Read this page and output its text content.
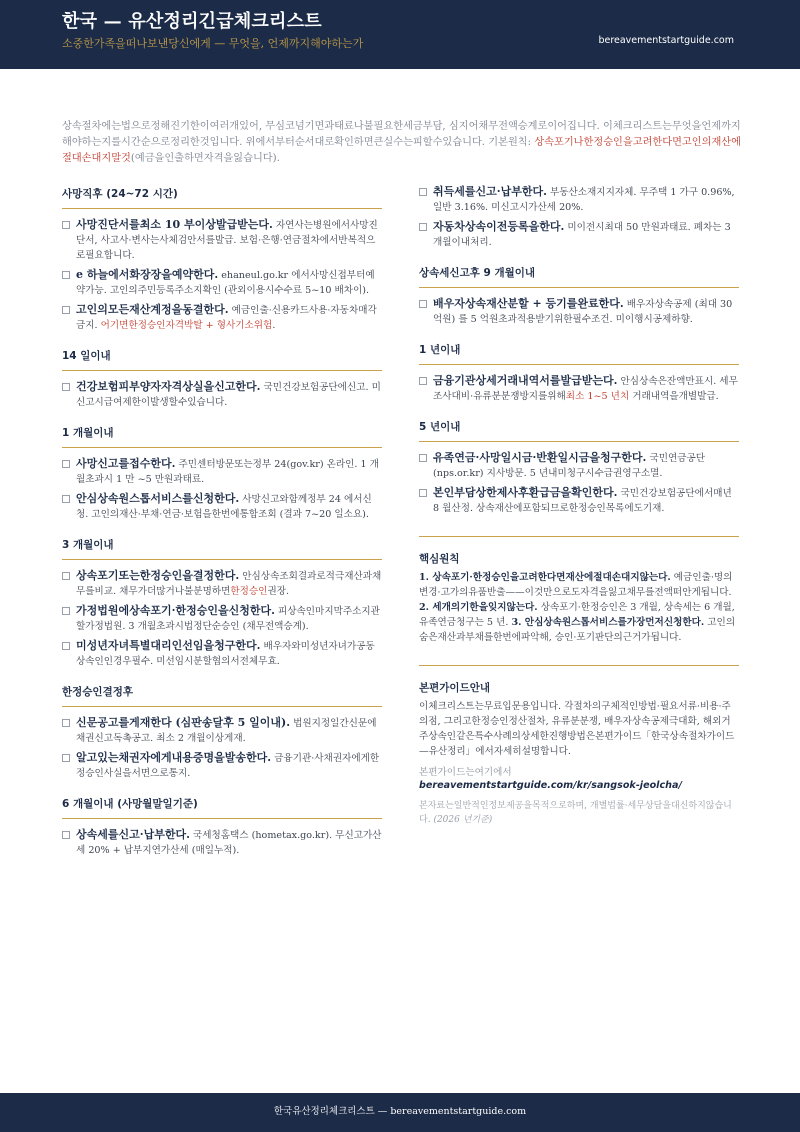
한국 — 유산정리긴급체크리스트
소중한가족을떠나보낸당신에게 — 무엇을, 언제까지해야하는가	bereavementstartguide.com
상속절차에는법으로정해진기한이여러개있어, 무심코넘기면과태료나불필요한세금부담, 심지어채무전액승계로이어집니다. 이체크리스트는무엇을언제까지해야하는지를시간순으로정리한것입니다. 위에서부터순서대로확인하면큰실수는피할수있습니다. 기본원칙: 상속포기나한정승인을고려한다면고인의재산에절대손대지말것(예금을인출하면자격을잃습니다).
사망직후 (24~72 시간)
사망진단서를최소 10 부이상발급받는다. 자연사는병원에서사망진단서, 사고사·변사는사체검안서를발급. 보험·은행·연금절차에서반복적으로필요합니다.
e 하늘에서화장장을예약한다. ehaneul.go.kr 에서사망신접부터예약가능. 고인의주민등록주소지확인 (관외이용시수수료 5~10 배차이).
고인의모든재산계정을동결한다. 예금인출·신용카드사용·자동차매각금지. 어기면한정승인자격박탈 + 형사기소위험.
14 일이내
건강보험피부양자자격상실을신고한다. 국민건강보험공단에신고. 미신고시급여제한이발생할수있습니다.
1 개월이내
사망신고를접수한다. 주민센터방문또는정부 24(gov.kr) 온라인. 1 개월초과시 1 만 ~5 만원과태료.
안심상속원스톱서비스를신청한다. 사망신고와함께정부 24 에서신청. 고인의재산·부채·연금·보험을한번에통합조회 (결과 7~20 일소요).
3 개월이내
상속포기또는한정승인을결정한다. 안심상속조회결과로적극재산과채무를비교. 채무가더많거나불분명하면한정승인권장.
가정법원에상속포기·한정승인을신청한다. 피상속인마지막주소지관할가정법원. 3 개월초과시법정단순승인 (채무전액승계).
미성년자녀특별대리인선임을청구한다. 배우자와미성년자녀가공동상속인인경우필수. 미선임시분할협의서전체무효.
한정승인결정후
신문공고를게재한다 (심판송달후 5 일이내). 법원지정일간신문에채권신고독촉공고. 최소 2 개월이상게재.
알고있는채권자에게내용증명을발송한다. 금융기관·사채권자에게한정승인사실을서면으로통지.
6 개월이내 (사망월말일기준)
상속세를신고·납부한다. 국세청홈택스 (hometax.go.kr). 무신고가산세 20% + 납부지연가산세 (매일누적).
취득세를신고·납부한다. 부동산소재지지자체. 무주택 1 가구 0.96%, 일반 3.16%. 미신고시가산세 20%.
자동차상속이전등록을한다. 미이전시최대 50 만원과태료. 폐차는 3 개월이내처리.
상속세신고후 9 개월이내
배우자상속재산분할 + 등기를완료한다. 배우자상속공제 (최대 30 억원) 를 5 억원초과적용받기위한필수조건. 미이행시공제하향.
1 년이내
금융기관상세거래내역서를발급받는다. 안심상속은잔액만표시. 세무조사대비·유류분분쟁방지를위해최소 1~5 년치 거래내역을개별발급.
5 년이내
유족연금·사망일시금·반환일시금을청구한다. 국민연금공단 (nps.or.kr) 지사방문. 5 년내미청구시수급권영구소멸.
본인부담상한제사후환급금을확인한다. 국민건강보험공단에서매년 8 월산정. 상속재산에포함되므로한정승인목록에도기재.
핵심원칙
1. 상속포기·한정승인을고려한다면재산에절대손대지않는다. 예금인출·명의변경·고가의유품반출——이것만으로도자격을잃고채무를전액떠안게됩니다. 2. 세개의기한을잊지않는다. 상속포기·한정승인은 3 개월, 상속세는 6 개월, 유족연금청구는 5 년. 3. 안심상속원스톱서비스를가장먼저신청한다. 고인의숨은재산과부채를한번에파악해, 승인·포기판단의근거가됩니다.
본편가이드안내
이체크리스트는무료입문용입니다. 각절차의구체적인방법·필요서류·비용·주의점, 그리고한정승인정산절차, 유류분분쟁, 배우자상속공제극대화, 해외거주상속인같은특수사례의상세한진행방법은본편가이드「한국상속절차가이드—유산정리」에서자세히설명합니다.
본편가이드는여기에서
bereavementstartguide.com/kr/sangsok-jeolcha/
본자료는일반적인정보제공을목적으로하며, 개별법률·세무상담을대신하지않습니다. (2026 년기준)
한국유산정리체크리스트 — bereavementstartguide.com
